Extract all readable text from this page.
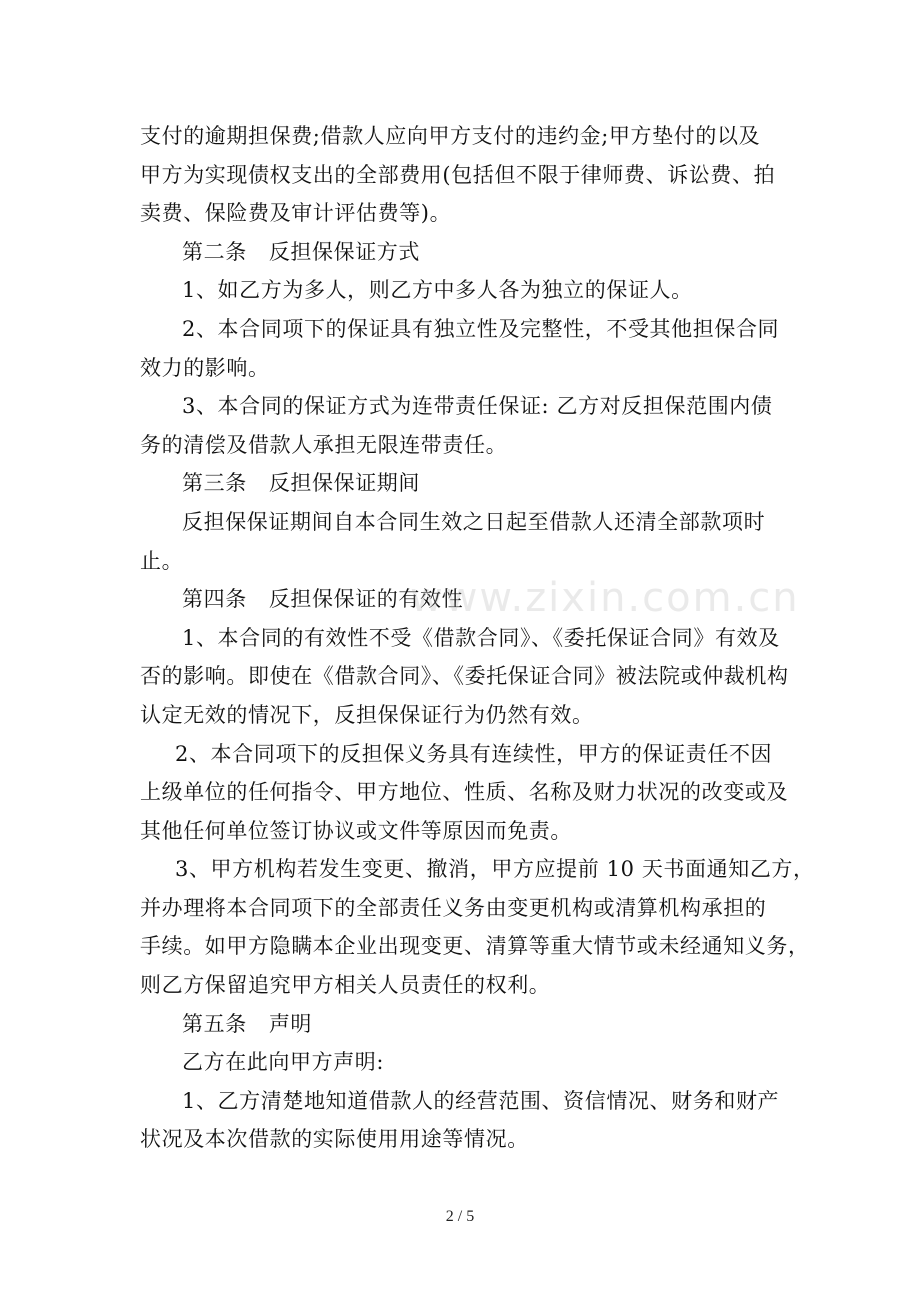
支付的逾期担保费;借款人应向甲方支付的违约金;甲方垫付的以及
甲方为实现债权支出的全部费用(包括但不限于律师费、诉讼费、拍
卖费、保险费及审计评估费等)。
第二条 反担保保证方式
1、如乙方为多人，则乙方中多人各为独立的保证人。
2、本合同项下的保证具有独立性及完整性，不受其他担保合同
效力的影响。
3、本合同的保证方式为连带责任保证: 乙方对反担保范围内债
务的清偿及借款人承担无限连带责任。
第三条 反担保保证期间
反担保保证期间自本合同生效之日起至借款人还清全部款项时
止。
第四条 反担保保证的有效性
1、本合同的有效性不受《借款合同》、《委托保证合同》有效及
否的影响。即使在《借款合同》、《委托保证合同》被法院或仲裁机构
认定无效的情况下，反担保保证行为仍然有效。
2、本合同项下的反担保义务具有连续性，甲方的保证责任不因
上级单位的任何指令、甲方地位、性质、名称及财力状况的改变或及
其他任何单位签订协议或文件等原因而免责。
3、甲方机构若发生变更、撤消，甲方应提前 10 天书面通知乙方，
并办理将本合同项下的全部责任义务由变更机构或清算机构承担的
手续。如甲方隐瞒本企业出现变更、清算等重大情节或未经通知义务，
则乙方保留追究甲方相关人员责任的权利。
第五条 声明
乙方在此向甲方声明:
1、乙方清楚地知道借款人的经营范围、资信情况、财务和财产
状况及本次借款的实际使用用途等情况。
www.zixin.com.cn
2 / 5
